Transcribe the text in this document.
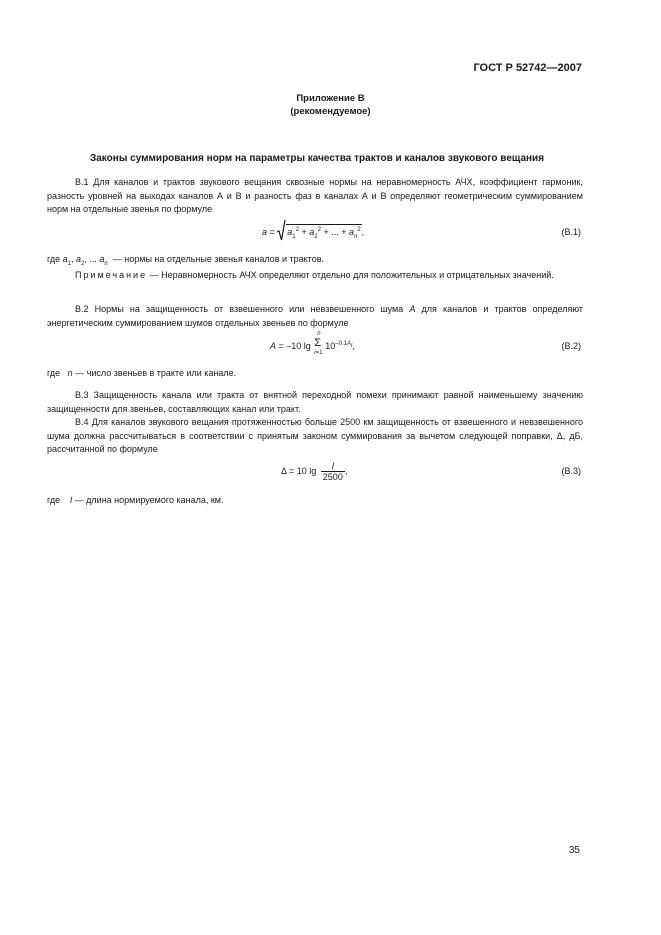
ГОСТ Р 52742—2007
Приложение В
(рекомендуемое)
Законы суммирования норм на параметры качества трактов и каналов звукового вещания
В.1 Для каналов и трактов звукового вещания сквозные нормы на неравномерность АЧХ, коэффициент гармоник, разность уровней на выходах каналов А и В и разность фаз в каналах А и В определяют геометрическим суммированием норм на отдельные звенья по формуле
$a = a_1^2 + a_2^2$ + ... + $a_n^2$,	(В.1)
где $a_1$, $a_2$, ... $a_n$ — нормы на отдельные звенья каналов и трактов.
Примечание — Неравномерность АЧХ определяют отдельно для положительных и отрицательных значений.
В.2 Нормы на защищенность от взвешенного или невзвешенного шума A для каналов и трактов определяют энергетическим суммированием шумов отдельных звеньев по формуле
A = –10 lg
n
Σ
i=1
$10^{-0.1A_i}$,	(В.2)
где n — число звеньев в тракте или канале.
В.3 Защищенность канала или тракта от внятной переходной помехи принимают равной наименьшему значению защищенности для звеньев, составляющих канал или тракт.
В.4 Для каналов звукового вещания протяженностью больше 2500 км защищенность от взвешенного и невзвешенного шума должна рассчитываться в соответствии с принятым законом суммирования за вычетом следующей поправки, Δ, дБ, рассчитанной по формуле
Δ = 10 $\lg \frac{l}{2500}$ ,	(В.3)
где l — длина нормируемого канала, км.
35
